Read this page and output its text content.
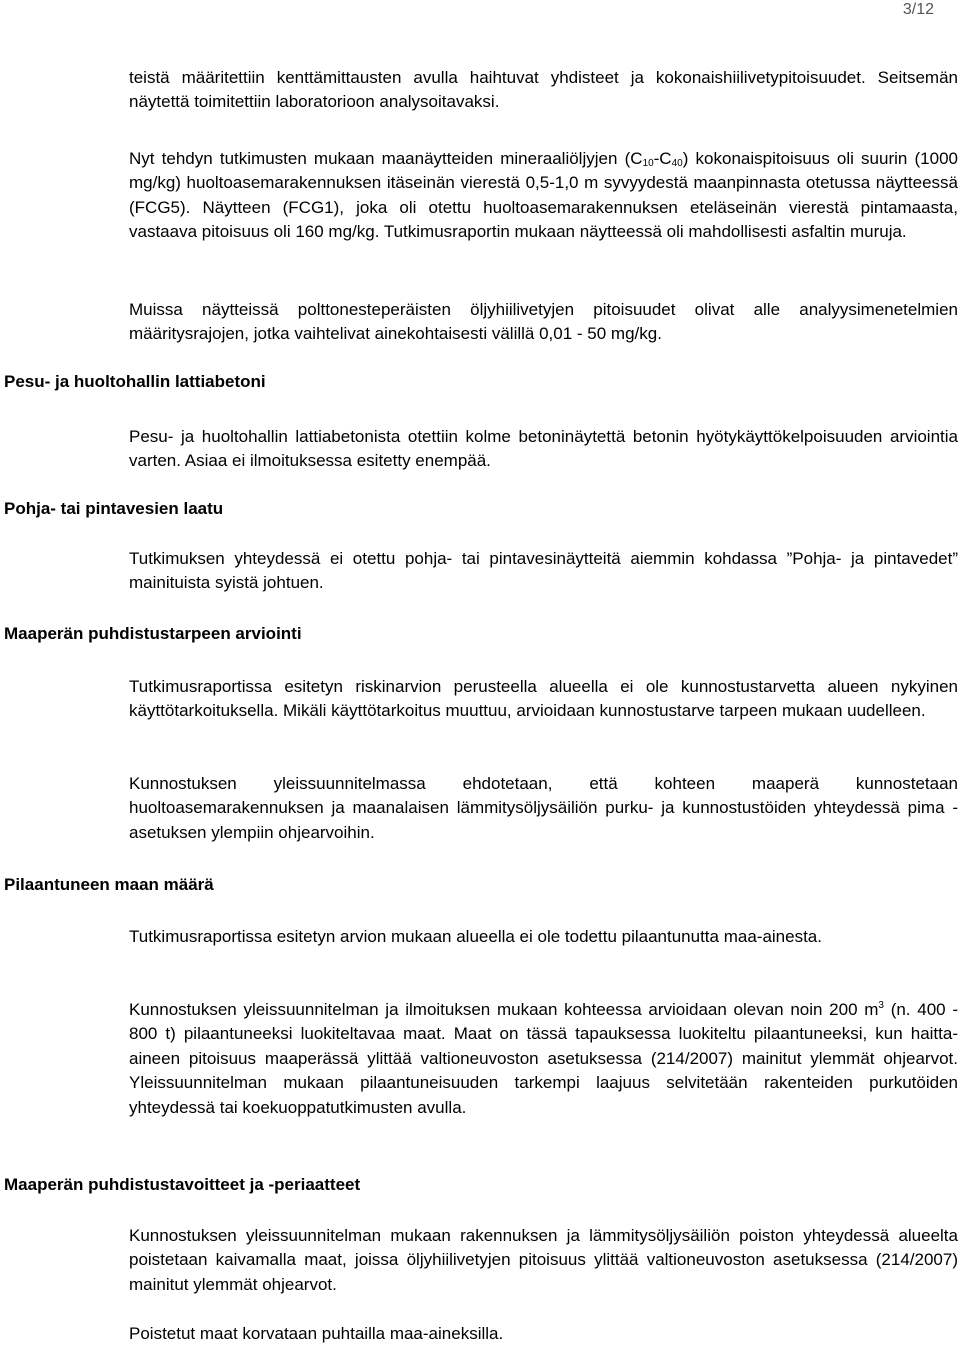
3/12

teistä määritettiin kenttämittausten avulla haihtuvat yhdisteet ja kokonaishiilivetypitoisuudet. Seitsemän näytettä toimitettiin laboratorioon analysoitavaksi.

Nyt tehdyn tutkimusten mukaan maanäytteiden mineraaliöljyjen $(C_{10}-C_{40})$ kokonaispitoisuus oli suurin (1000 mg/kg) huoltoasemarakennuksen itäseinän vierestä 0,5-1,0 m syvyydestä maanpinnasta otetussa näytteessä (FCG5). Näytteen (FCG1), joka oli otettu huoltoasemarakennuksen eteläseinän vierestä pintamaasta, vastaava pitoisuus oli 160 mg/kg. Tutkimusraportin mukaan näytteessä oli mahdollisesti asfaltin muruja.

Muissa näytteissä polttonesteperäisten öljyhiilivetyjen pitoisuudet olivat alle analyysimenetelmien määritysrajojen, jotka vaihtelivat ainekohtaisesti välillä 0,01 - 50 mg/kg.

Pesu- ja huoltohallin lattiabetoni

Pesu- ja huoltohallin lattiabetonista otettiin kolme betoninäytettä betonin hyötykäyttökelpoisuuden arviointia varten. Asiaa ei ilmoituksessa esitetty enempää.

Pohja- tai pintavesien laatu

Tutkimuksen yhteydessä ei otettu pohja- tai pintavesinäytteitä aiemmin kohdassa ”Pohja- ja pintavedet” mainituista syistä johtuen.

Maaperän puhdistustarpeen arviointi

Tutkimusraportissa esitetyn riskinarvion perusteella alueella ei ole kunnostustarvetta alueen nykyinen käyttötarkoituksella. Mikäli käyttötarkoitus muuttuu, arvioidaan kunnostustarve tarpeen mukaan uudelleen.

Kunnostuksen yleissuunnitelmassa ehdotetaan, että kohteen maaperä kunnostetaan huoltoasemarakennuksen ja maanalaisen lämmitysöljysäiliön purku- ja kunnostustöiden yhteydessä pima -asetuksen ylempiin ohjearvoihin.

Pilaantuneen maan määrä

Tutkimusraportissa esitetyn arvion mukaan alueella ei ole todettu pilaantunutta maa-ainesta.

Kunnostuksen yleissuunnitelman ja ilmoituksen mukaan kohteessa arvioidaan olevan noin 200 $m^3$ (n. 400 - 800 t) pilaantuneeksi luokiteltavaa maat. Maat on tässä tapauksessa luokiteltu pilaantuneeksi, kun haitta-aineen pitoisuus maaperässä ylittää valtioneuvoston asetuksessa (214/2007) mainitut ylemmät ohjearvot. Yleissuunnitelman mukaan pilaantuneisuuden tarkempi laajuus selvitetään rakenteiden purkutöiden yhteydessä tai koekuoppatutkimusten avulla.

Maaperän puhdistustavoitteet ja -periaatteet

Kunnostuksen yleissuunnitelman mukaan rakennuksen ja lämmitysöljysäiliön poiston yhteydessä alueelta poistetaan kaivamalla maat, joissa öljyhiilivetyjen pitoisuus ylittää valtioneuvoston asetuksessa (214/2007) mainitut ylemmät ohjearvot.

Poistetut maat korvataan puhtailla maa-aineksilla.
